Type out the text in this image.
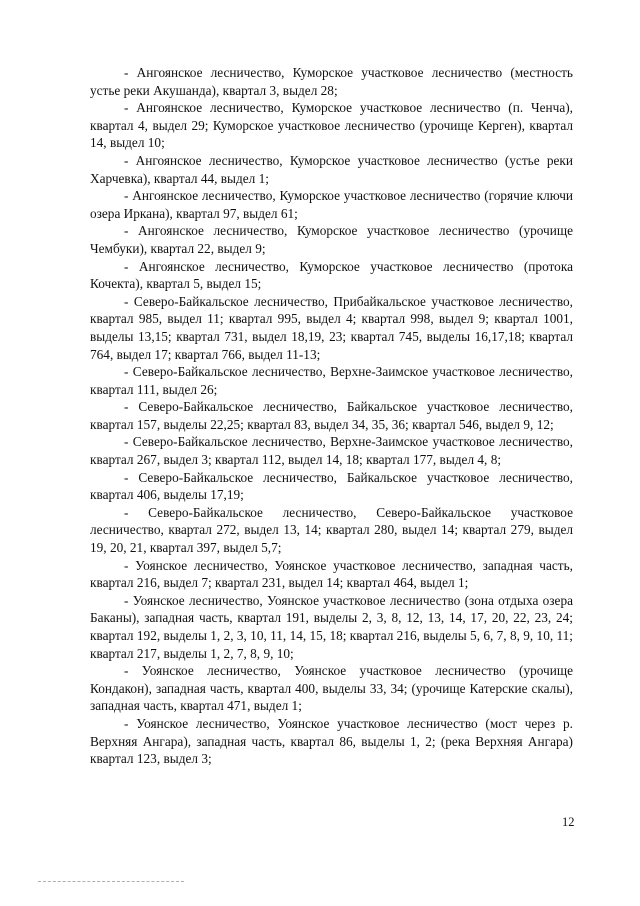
- Ангоянское лесничество, Куморское участковое лесничество (местность устье реки Акушанда), квартал 3, выдел 28;

- Ангоянское лесничество, Куморское участковое лесничество (п. Ченча), квартал 4, выдел 29; Куморское участковое лесничество (урочище Керген), квартал 14, выдел 10;

- Ангоянское лесничество, Куморское участковое лесничество (устье реки Харчевка), квартал 44, выдел 1;

- Ангоянское лесничество, Куморское участковое лесничество (горячие ключи озера Иркана), квартал 97, выдел 61;

- Ангоянское лесничество, Куморское участковое лесничество (урочище Чембуки), квартал 22, выдел 9;

- Ангоянское лесничество, Куморское участковое лесничество (протока Кочекта), квартал 5, выдел 15;

- Северо-Байкальское лесничество, Прибайкальское участковое лесничество, квартал 985, выдел 11; квартал 995, выдел 4; квартал 998, выдел 9; квартал 1001, выделы 13,15; квартал 731, выдел 18,19, 23; квартал 745, выделы 16,17,18; квартал 764, выдел 17; квартал 766, выдел 11-13;

- Северо-Байкальское лесничество, Верхне-Заимское участковое лесничество, квартал 111, выдел 26;

- Северо-Байкальское лесничество, Байкальское участковое лесничество, квартал 157, выделы 22,25; квартал 83, выдел 34, 35, 36; квартал 546, выдел 9, 12;

- Северо-Байкальское лесничество, Верхне-Заимское участковое лесничество, квартал 267, выдел 3; квартал 112, выдел 14, 18; квартал 177, выдел 4, 8;

- Северо-Байкальское лесничество, Байкальское участковое лесничество, квартал 406, выделы 17,19;

- Северо-Байкальское лесничество, Северо-Байкальское участковое лесничество, квартал 272, выдел 13, 14; квартал 280, выдел 14; квартал 279, выдел 19, 20, 21, квартал 397, выдел 5,7;

- Уоянское лесничество, Уоянское участковое лесничество, западная часть, квартал 216, выдел 7; квартал 231, выдел 14; квартал 464, выдел 1;

- Уоянское лесничество, Уоянское участковое лесничество (зона отдыха озера Баканы), западная часть, квартал 191, выделы 2, 3, 8, 12, 13, 14, 17, 20, 22, 23, 24; квартал 192, выделы 1, 2, 3, 10, 11, 14, 15, 18; квартал 216, выделы 5, 6, 7, 8, 9, 10, 11; квартал 217, выделы 1, 2, 7, 8, 9, 10;

- Уоянское лесничество, Уоянское участковое лесничество (урочище Кондакон), западная часть, квартал 400, выделы 33, 34; (урочище Катерские скалы), западная часть, квартал 471, выдел 1;

- Уоянское лесничество, Уоянское участковое лесничество (мост через р. Верхняя Ангара), западная часть, квартал 86, выделы 1, 2; (река Верхняя Ангара) квартал 123, выдел 3;

12
